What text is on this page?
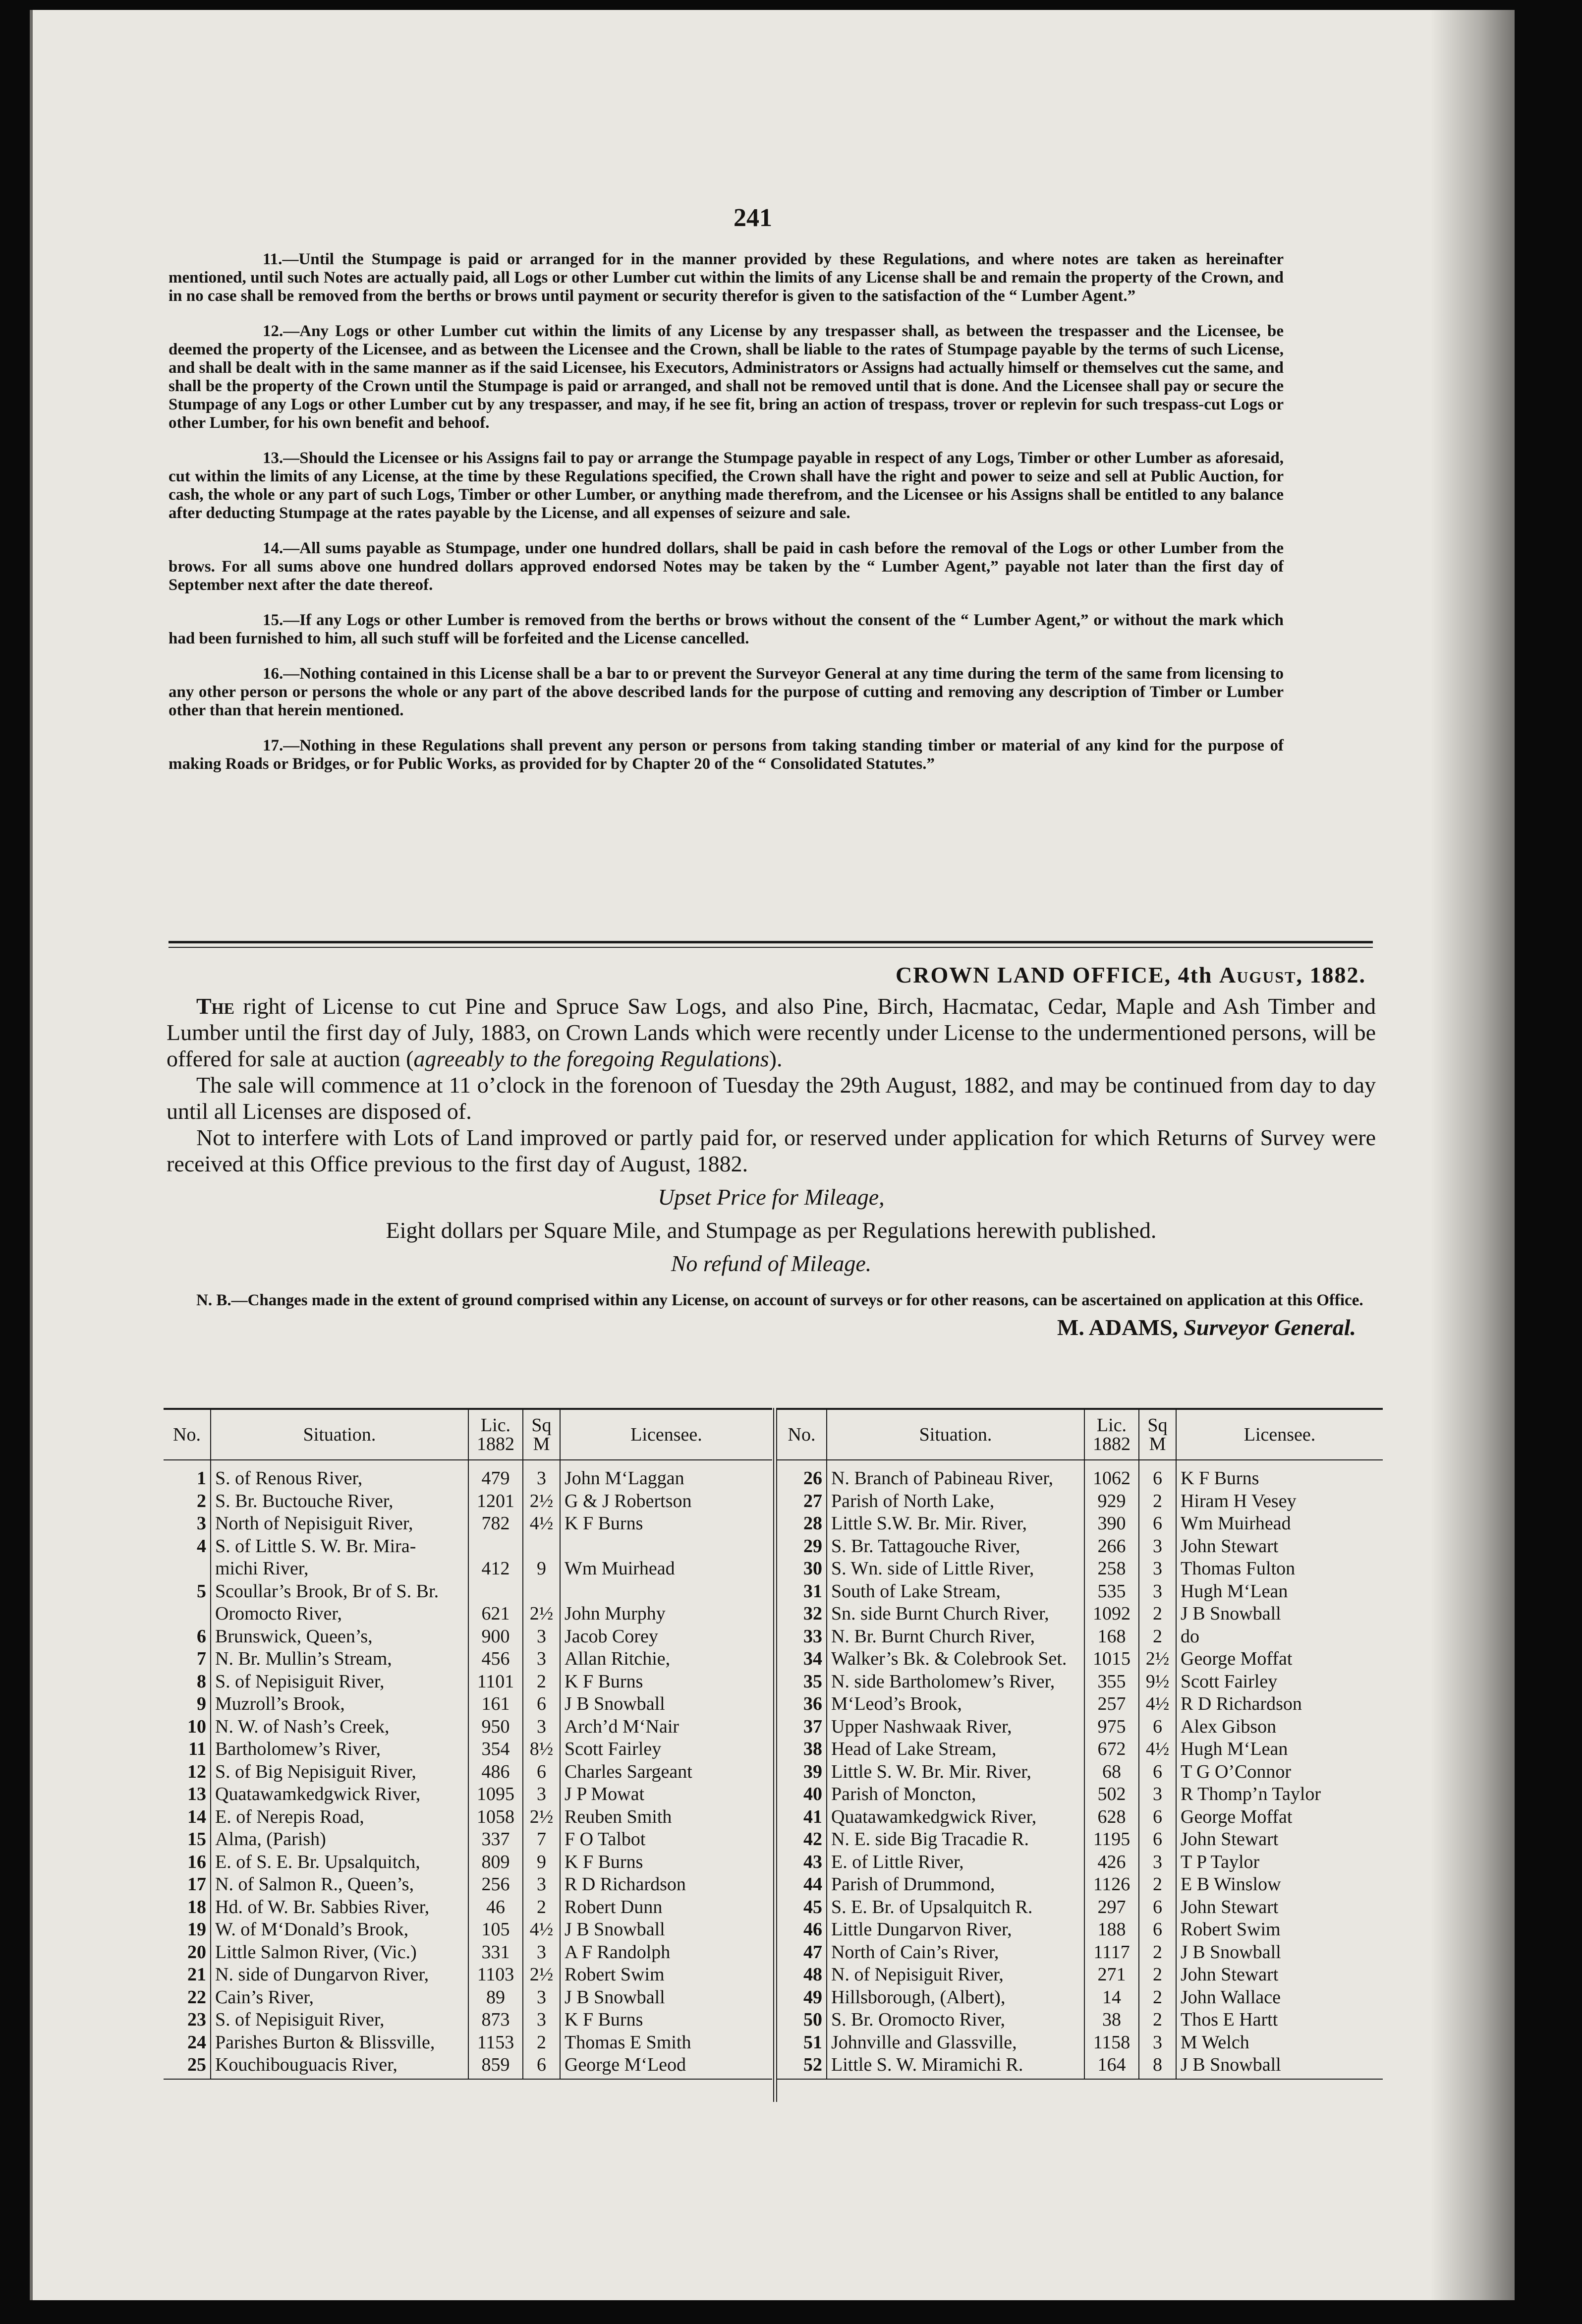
241

11.—Until the Stumpage is paid or arranged for in the manner provided by these Regulations, and where notes are taken as hereinafter mentioned, until such Notes are actually paid, all Logs or other Lumber cut within the limits of any License shall be and remain the property of the Crown, and in no case shall be removed from the berths or brows until payment or security therefor is given to the satisfaction of the “ Lumber Agent.”

12.—Any Logs or other Lumber cut within the limits of any License by any trespasser shall, as between the trespasser and the Licensee, be deemed the property of the Licensee, and as between the Licensee and the Crown, shall be liable to the rates of Stumpage payable by the terms of such License, and shall be dealt with in the same manner as if the said Licensee, his Executors, Administrators or Assigns had actually himself or themselves cut the same, and shall be the property of the Crown until the Stumpage is paid or arranged, and shall not be removed until that is done. And the Licensee shall pay or secure the Stumpage of any Logs or other Lumber cut by any trespasser, and may, if he see fit, bring an action of trespass, trover or replevin for such trespass-cut Logs or other Lumber, for his own benefit and behoof.

13.—Should the Licensee or his Assigns fail to pay or arrange the Stumpage payable in respect of any Logs, Timber or other Lumber as aforesaid, cut within the limits of any License, at the time by these Regulations specified, the Crown shall have the right and power to seize and sell at Public Auction, for cash, the whole or any part of such Logs, Timber or other Lumber, or anything made therefrom, and the Licensee or his Assigns shall be entitled to any balance after deducting Stumpage at the rates payable by the License, and all expenses of seizure and sale.

14.—All sums payable as Stumpage, under one hundred dollars, shall be paid in cash before the removal of the Logs or other Lumber from the brows. For all sums above one hundred dollars approved endorsed Notes may be taken by the “ Lumber Agent,” payable not later than the first day of September next after the date thereof.

15.—If any Logs or other Lumber is removed from the berths or brows without the consent of the “ Lumber Agent,” or without the mark which had been furnished to him, all such stuff will be forfeited and the License cancelled.

16.—Nothing contained in this License shall be a bar to or prevent the Surveyor General at any time during the term of the same from licensing to any other person or persons the whole or any part of the above described lands for the purpose of cutting and removing any description of Timber or Lumber other than that herein mentioned.

17.—Nothing in these Regulations shall prevent any person or persons from taking standing timber or material of any kind for the purpose of making Roads or Bridges, or for Public Works, as provided for by Chapter 20 of the “ Consolidated Statutes.”

CROWN LAND OFFICE, 4th August, 1882.

The right of License to cut Pine and Spruce Saw Logs, and also Pine, Birch, Hacmatac, Cedar, Maple and Ash Timber and Lumber until the first day of July, 1883, on Crown Lands which were recently under License to the undermentioned persons, will be offered for sale at auction (agreeably to the foregoing Regulations).

The sale will commence at 11 o’clock in the forenoon of Tuesday the 29th August, 1882, and may be continued from day to day until all Licenses are disposed of.

Not to interfere with Lots of Land improved or partly paid for, or reserved under application for which Returns of Survey were received at this Office previous to the first day of August, 1882.

Upset Price for Mileage,
Eight dollars per Square Mile, and Stumpage as per Regulations herewith published.
No refund of Mileage.

N. B.—Changes made in the extent of ground comprised within any License, on account of surveys or for other reasons, can be ascertained on application at this Office.

M. ADAMS, Surveyor General.
No.	Situation.	Lic. 1882	Sq M	Licensee.
1	S. of Renous River,	479	3	John M‘Laggan
2	S. Br. Buctouche River,	1201	2½	G & J Robertson
3	North of Nepisiguit River,	782	4½	K F Burns
4	S. of Little S. W. Br. Mira-			
	michi River,	412	9	Wm Muirhead
5	Scoullar’s Brook, Br of S. Br.			
	Oromocto River,	621	2½	John Murphy
6	Brunswick, Queen’s,	900	3	Jacob Corey
7	N. Br. Mullin’s Stream,	456	3	Allan Ritchie,
8	S. of Nepisiguit River,	1101	2	K F Burns
9	Muzroll’s Brook,	161	6	J B Snowball
10	N. W. of Nash’s Creek,	950	3	Arch’d M‘Nair
11	Bartholomew’s River,	354	8½	Scott Fairley
12	S. of Big Nepisiguit River,	486	6	Charles Sargeant
13	Quatawamkedgwick River,	1095	3	J P Mowat
14	E. of Nerepis Road,	1058	2½	Reuben Smith
15	Alma, (Parish)	337	7	F O Talbot
16	E. of S. E. Br. Upsalquitch,	809	9	K F Burns
17	N. of Salmon R., Queen’s,	256	3	R D Richardson
18	Hd. of W. Br. Sabbies River,	46	2	Robert Dunn
19	W. of M‘Donald’s Brook,	105	4½	J B Snowball
20	Little Salmon River, (Vic.)	331	3	A F Randolph
21	N. side of Dungarvon River,	1103	2½	Robert Swim
22	Cain’s River,	89	3	J B Snowball
23	S. of Nepisiguit River,	873	3	K F Burns
24	Parishes Burton & Blissville,	1153	2	Thomas E Smith
25	Kouchibouguacis River,	859	6	George M‘Leod
No.	Situation.	Lic. 1882	Sq M	Licensee.
26	N. Branch of Pabineau River,	1062	6	K F Burns
27	Parish of North Lake,	929	2	Hiram H Vesey
28	Little S.W. Br. Mir. River,	390	6	Wm Muirhead
29	S. Br. Tattagouche River,	266	3	John Stewart
30	S. Wn. side of Little River,	258	3	Thomas Fulton
31	South of Lake Stream,	535	3	Hugh M‘Lean
32	Sn. side Burnt Church River,	1092	2	J B Snowball
33	N. Br. Burnt Church River,	168	2	do
34	Walker’s Bk. & Colebrook Set.	1015	2½	George Moffat
35	N. side Bartholomew’s River,	355	9½	Scott Fairley
36	M‘Leod’s Brook,	257	4½	R D Richardson
37	Upper Nashwaak River,	975	6	Alex Gibson
38	Head of Lake Stream,	672	4½	Hugh M‘Lean
39	Little S. W. Br. Mir. River,	68	6	T G O’Connor
40	Parish of Moncton,	502	3	R Thomp’n Taylor
41	Quatawamkedgwick River,	628	6	George Moffat
42	N. E. side Big Tracadie R.	1195	6	John Stewart
43	E. of Little River,	426	3	T P Taylor
44	Parish of Drummond,	1126	2	E B Winslow
45	S. E. Br. of Upsalquitch R.	297	6	John Stewart
46	Little Dungarvon River,	188	6	Robert Swim
47	North of Cain’s River,	1117	2	J B Snowball
48	N. of Nepisiguit River,	271	2	John Stewart
49	Hillsborough, (Albert),	14	2	John Wallace
50	S. Br. Oromocto River,	38	2	Thos E Hartt
51	Johnville and Glassville,	1158	3	M Welch
52	Little S. W. Miramichi R.	164	8	J B Snowball
